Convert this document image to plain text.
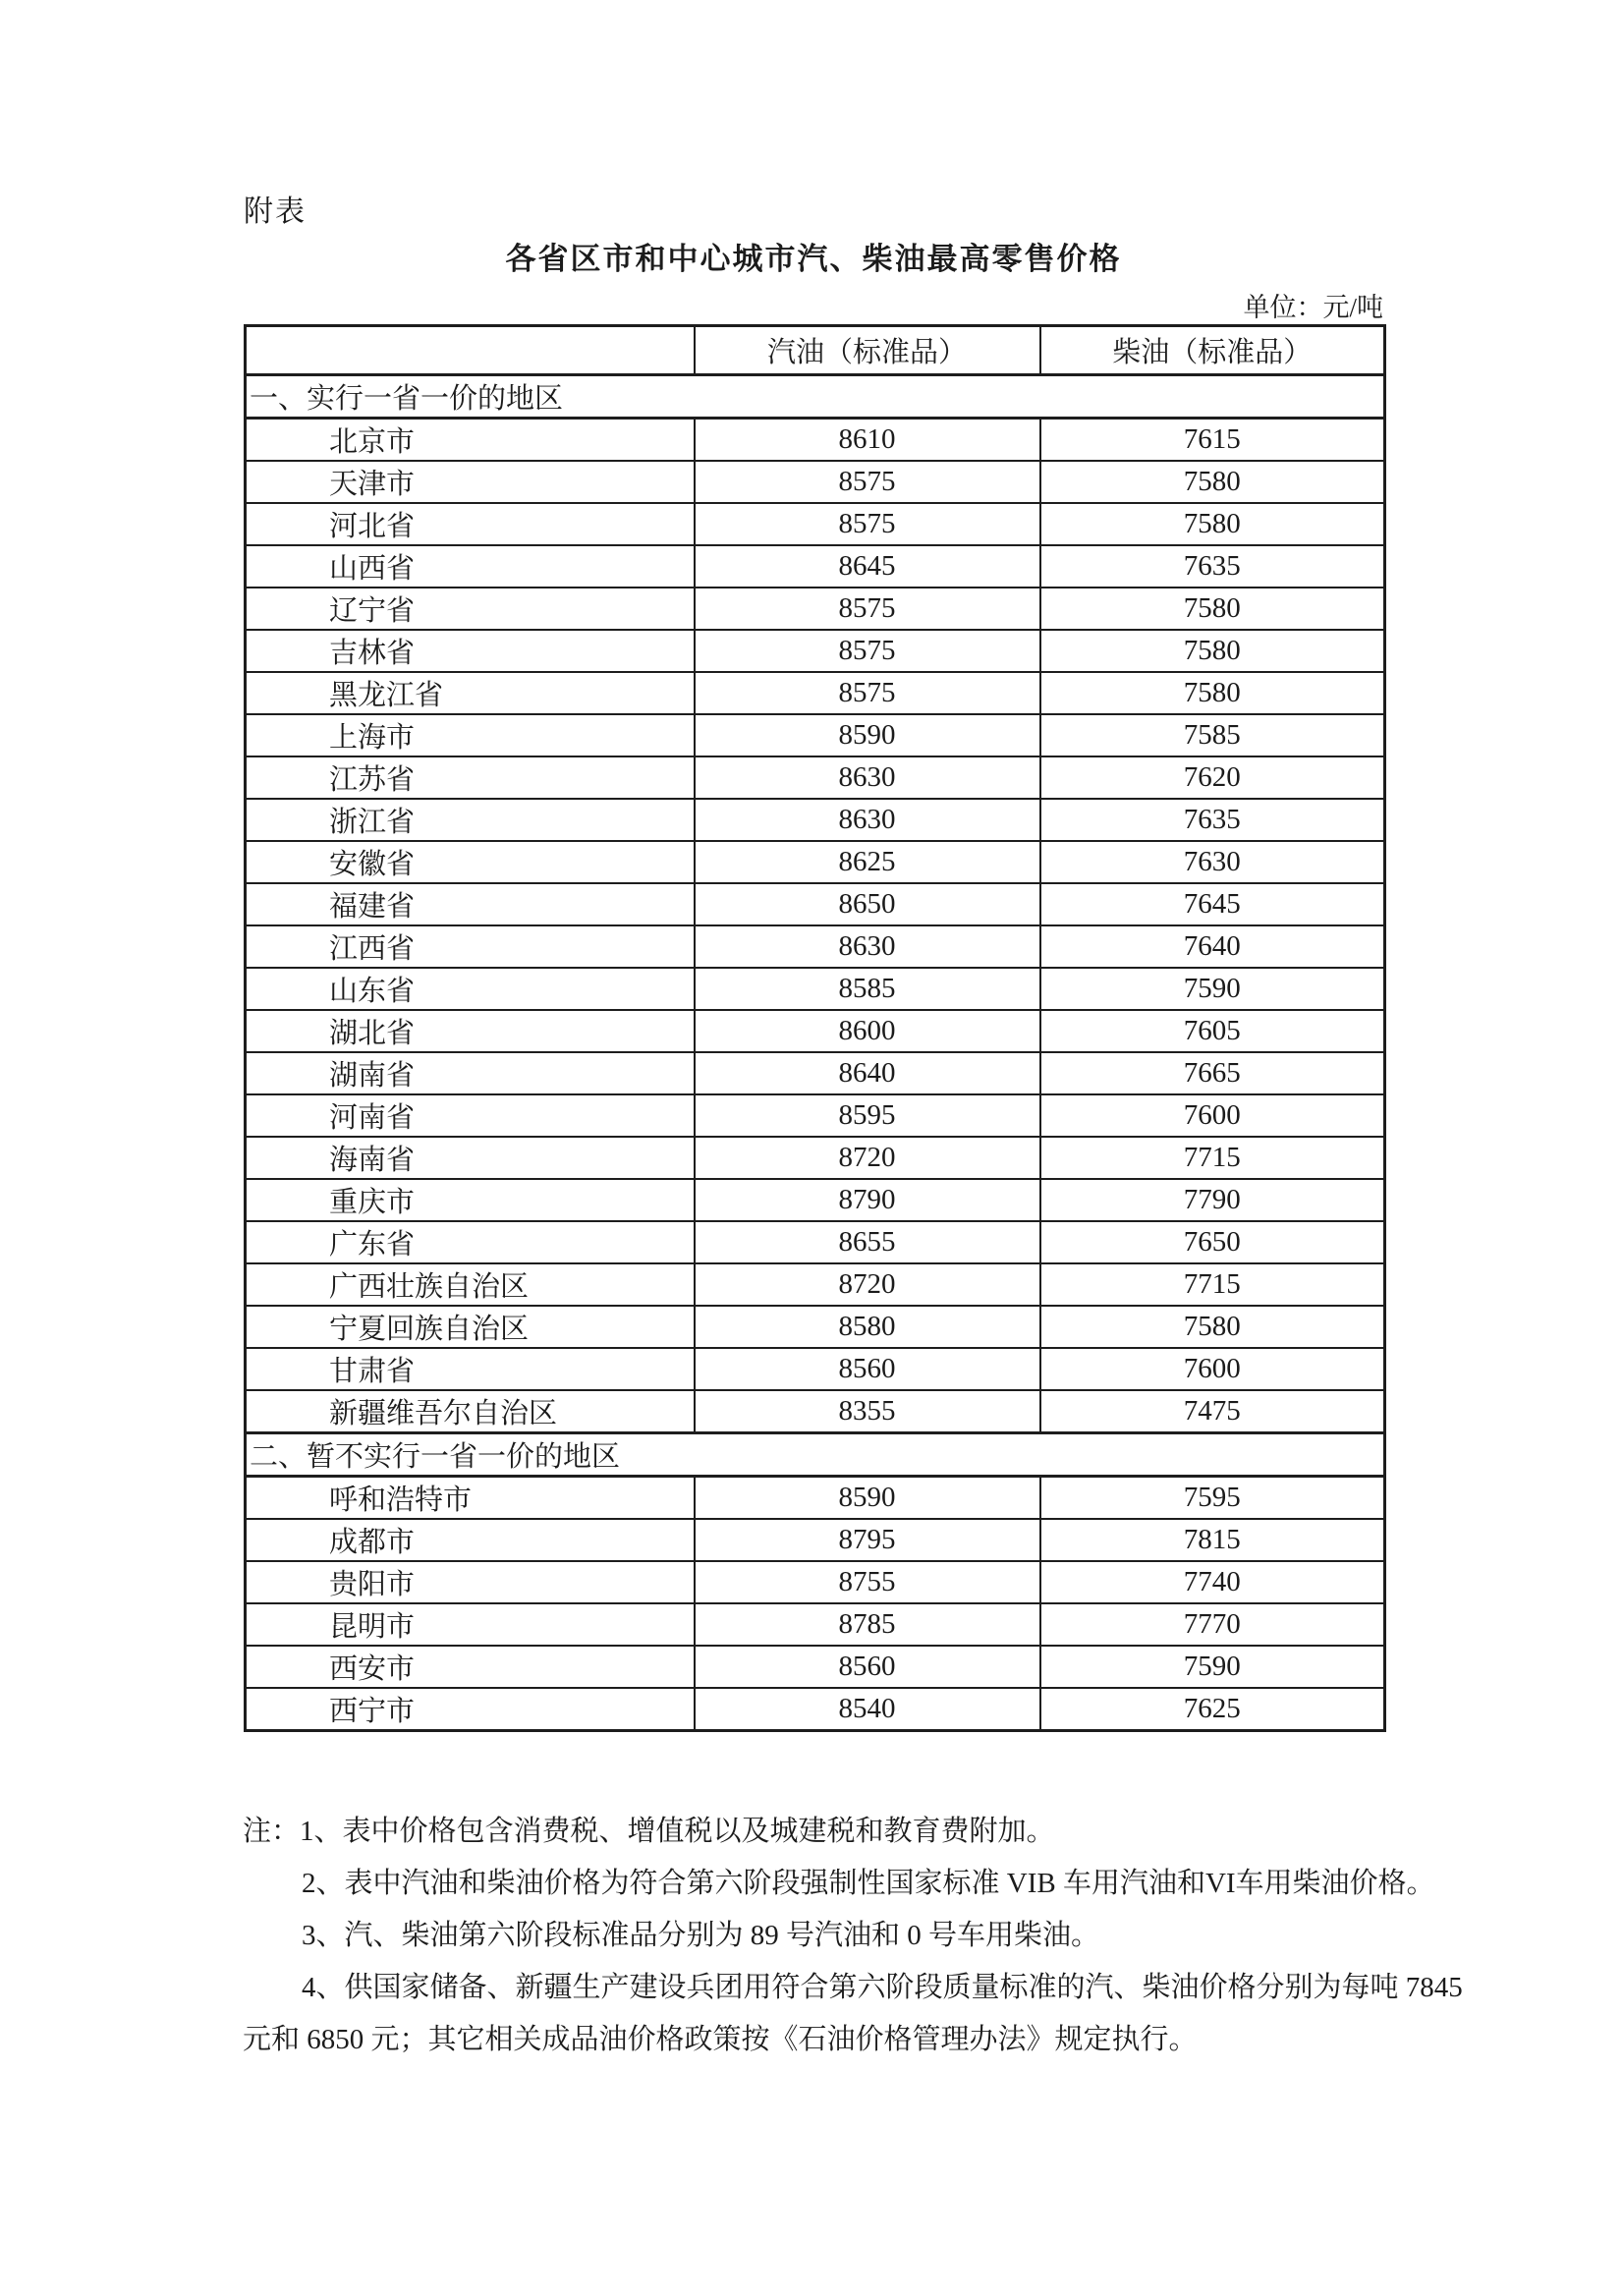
附表
各省区市和中心城市汽、柴油最高零售价格
单位：元/吨
	汽油（标准品）	柴油（标准品）
一、实行一省一价的地区		
北京市	8610	7615
天津市	8575	7580
河北省	8575	7580
山西省	8645	7635
辽宁省	8575	7580
吉林省	8575	7580
黑龙江省	8575	7580
上海市	8590	7585
江苏省	8630	7620
浙江省	8630	7635
安徽省	8625	7630
福建省	8650	7645
江西省	8630	7640
山东省	8585	7590
湖北省	8600	7605
湖南省	8640	7665
河南省	8595	7600
海南省	8720	7715
重庆市	8790	7790
广东省	8655	7650
广西壮族自治区	8720	7715
宁夏回族自治区	8580	7580
甘肃省	8560	7600
新疆维吾尔自治区	8355	7475
二、暂不实行一省一价的地区		
呼和浩特市	8590	7595
成都市	8795	7815
贵阳市	8755	7740
昆明市	8785	7770
西安市	8560	7590
西宁市	8540	7625

注：1、表中价格包含消费税、增值税以及城建税和教育费附加。

2、表中汽油和柴油价格为符合第六阶段强制性国家标准 VIB 车用汽油和VI车用柴油价格。

3、汽、柴油第六阶段标准品分别为 89 号汽油和 0 号车用柴油。

4、供国家储备、新疆生产建设兵团用符合第六阶段质量标准的汽、柴油价格分别为每吨 7845 元和 6850 元；其它相关成品油价格政策按《石油价格管理办法》规定执行。
